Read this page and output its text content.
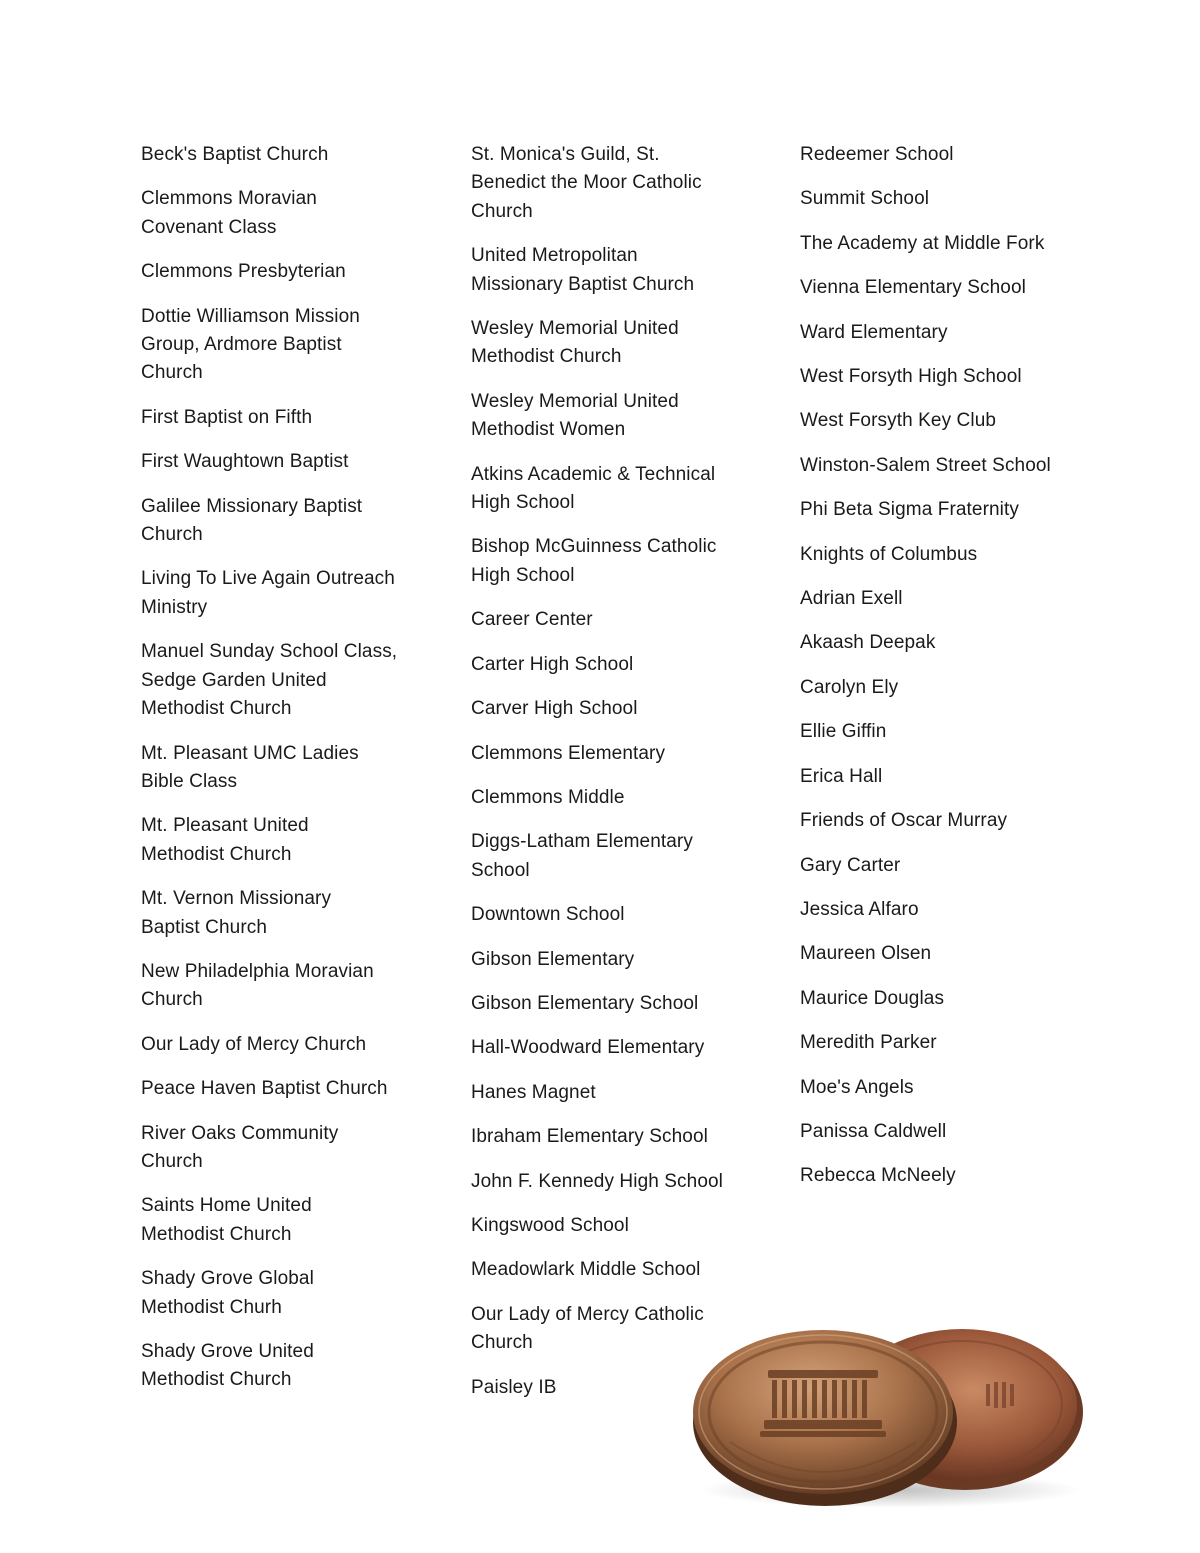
Beck's Baptist Church
Clemmons Moravian Covenant Class
Clemmons Presbyterian
Dottie Williamson Mission Group, Ardmore Baptist Church
First Baptist on Fifth
First Waughtown Baptist
Galilee Missionary Baptist Church
Living To Live Again Outreach Ministry
Manuel Sunday School Class, Sedge Garden United Methodist Church
Mt. Pleasant UMC Ladies Bible Class
Mt. Pleasant United Methodist Church
Mt. Vernon Missionary Baptist Church
New Philadelphia Moravian Church
Our Lady of Mercy Church
Peace Haven Baptist Church
River Oaks Community Church
Saints Home United Methodist Church
Shady Grove Global Methodist Churh
Shady Grove United Methodist Church
St. Monica's Guild, St. Benedict the Moor Catholic Church
United Metropolitan Missionary Baptist Church
Wesley Memorial United Methodist Church
Wesley Memorial United Methodist Women
Atkins Academic & Technical High School
Bishop McGuinness Catholic High School
Career Center
Carter High School
Carver High School
Clemmons Elementary
Clemmons Middle
Diggs-Latham Elementary School
Downtown School
Gibson Elementary
Gibson Elementary School
Hall-Woodward Elementary
Hanes Magnet
Ibraham Elementary School
John F. Kennedy High School
Kingswood School
Meadowlark Middle School
Our Lady of Mercy Catholic Church
Paisley IB
Redeemer School
Summit School
The Academy at Middle Fork
Vienna Elementary School
Ward Elementary
West Forsyth High School
West Forsyth Key Club
Winston-Salem Street School
Phi Beta Sigma Fraternity
Knights of Columbus
Adrian Exell
Akaash Deepak
Carolyn Ely
Ellie Giffin
Erica Hall
Friends of Oscar Murray
Gary Carter
Jessica Alfaro
Maureen Olsen
Maurice Douglas
Meredith Parker
Moe's Angels
Panissa Caldwell
Rebecca McNeely
